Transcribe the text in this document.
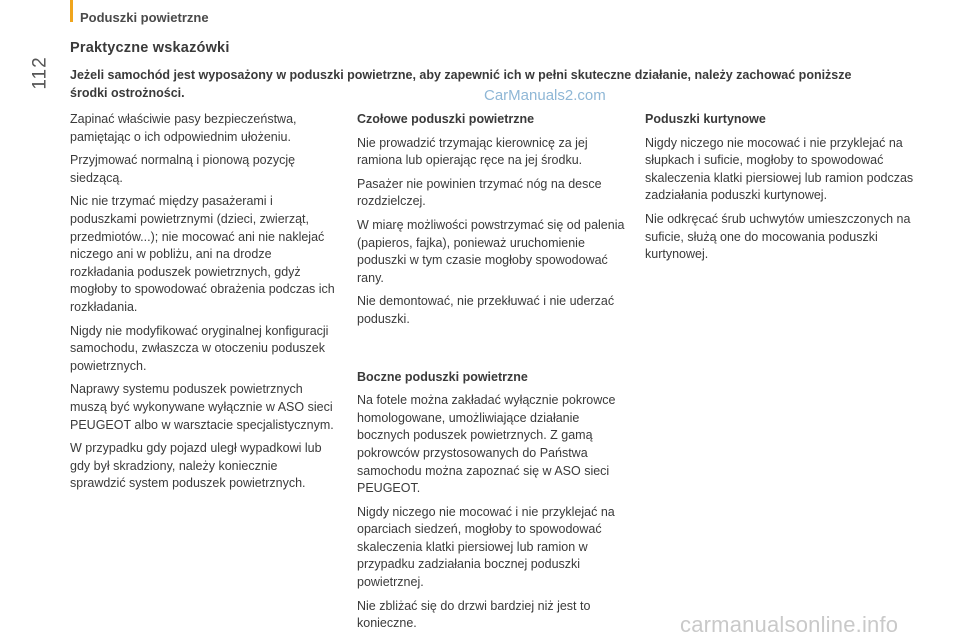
Poduszki powietrzne
112
Praktyczne wskazówki
Jeżeli samochód jest wyposażony w poduszki powietrzne, aby zapewnić ich w pełni skuteczne działanie, należy zachować poniższe środki ostrożności.	CarManuals2.com

Zapinać właściwie pasy bezpieczeństwa, pamiętając o ich odpowiednim ułożeniu.

Przyjmować normalną i pionową pozycję siedzącą.

Nic nie trzymać między pasażerami i poduszkami powietrznymi (dzieci, zwierząt, przedmiotów...); nie mocować ani nie naklejać niczego ani w pobliżu, ani na drodze rozkładania poduszek powietrznych, gdyż mogłoby to spowodować obrażenia podczas ich rozkładania.

Nigdy nie modyfikować oryginalnej konfiguracji samochodu, zwłaszcza w otoczeniu poduszek powietrznych.

Naprawy systemu poduszek powietrznych muszą być wykonywane wyłącznie w ASO sieci PEUGEOT albo w warsztacie specjalistycznym.

W przypadku gdy pojazd uległ wypadkowi lub gdy był skradziony, należy koniecznie sprawdzić system poduszek powietrznych.

Czołowe poduszki powietrzne

Nie prowadzić trzymając kierownicę za jej ramiona lub opierając ręce na jej środku.

Pasażer nie powinien trzymać nóg na desce rozdzielczej.

W miarę możliwości powstrzymać się od palenia (papieros, fajka), ponieważ uruchomienie poduszki w tym czasie mogłoby spowodować rany.

Nie demontować, nie przekłuwać i nie uderzać poduszki.

Boczne poduszki powietrzne

Na fotele można zakładać wyłącznie pokrowce homologowane, umożliwiające działanie bocznych poduszek powietrznych. Z gamą pokrowców przystosowanych do Państwa samochodu można zapoznać się w ASO sieci PEUGEOT.

Nigdy niczego nie mocować i nie przyklejać na oparciach siedzeń, mogłoby to spowodować skaleczenia klatki piersiowej lub ramion w przypadku zadziałania bocznej poduszki powietrznej.

Nie zbliżać się do drzwi bardziej niż jest to konieczne.

Poduszki kurtynowe

Nigdy niczego nie mocować i nie przyklejać na słupkach i suficie, mogłoby to spowodować skaleczenia klatki piersiowej lub ramion podczas zadziałania poduszki kurtynowej.

Nie odkręcać śrub uchwytów umieszczonych na suficie, służą one do mocowania poduszki kurtynowej.

carmanualsonline.info
